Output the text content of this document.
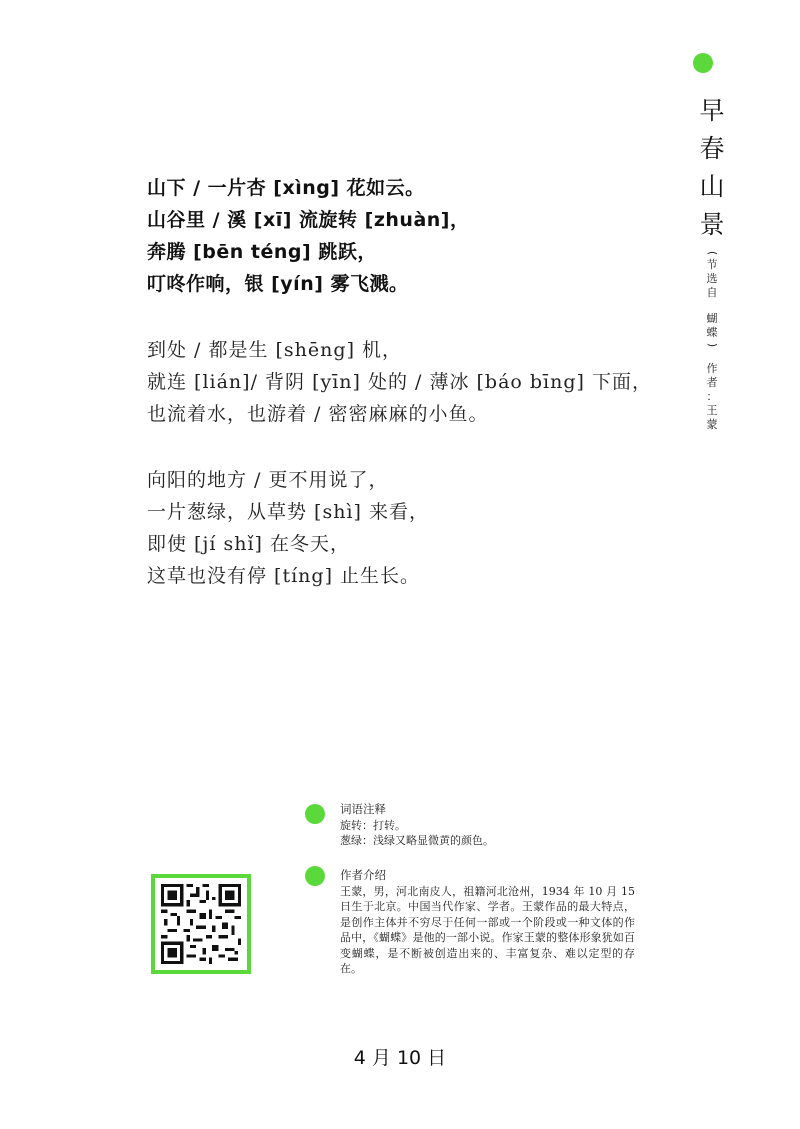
早
春
山
景
(
节
选
自
蝴
蝶
)
作
者
：
王
蒙
山下 / 一片杏 [xìng] 花如云。
山谷里 / 溪 [xī] 流旋转 [zhuàn]，
奔腾 [bēn téng] 跳跃，
叮咚作响，银 [yín] 雾飞溅。
到处 / 都是生 [shēng] 机，
就连 [lián]/ 背阴 [yīn] 处的 / 薄冰 [báo bīng] 下面，
也流着水，也游着 / 密密麻麻的小鱼。
向阳的地方 / 更不用说了，
一片葱绿，从草势 [shì] 来看，
即使 [jí shǐ] 在冬天，
这草也没有停 [tíng] 止生长。
词语注释
旋转：打转。
葱绿：浅绿又略显微黄的颜色。
作者介绍
王蒙，男，河北南皮人，祖籍河北沧州，1934 年 10 月 15 日生于北京。中国当代作家、学者。王蒙作品的最大特点，是创作主体并不穷尽于任何一部或一个阶段或一种文体的作品中，《蝴蝶》是他的一部小说。作家王蒙的整体形象犹如百变蝴蝶，是不断被创造出来的、丰富复杂、难以定型的存在。
4 月 10 日
